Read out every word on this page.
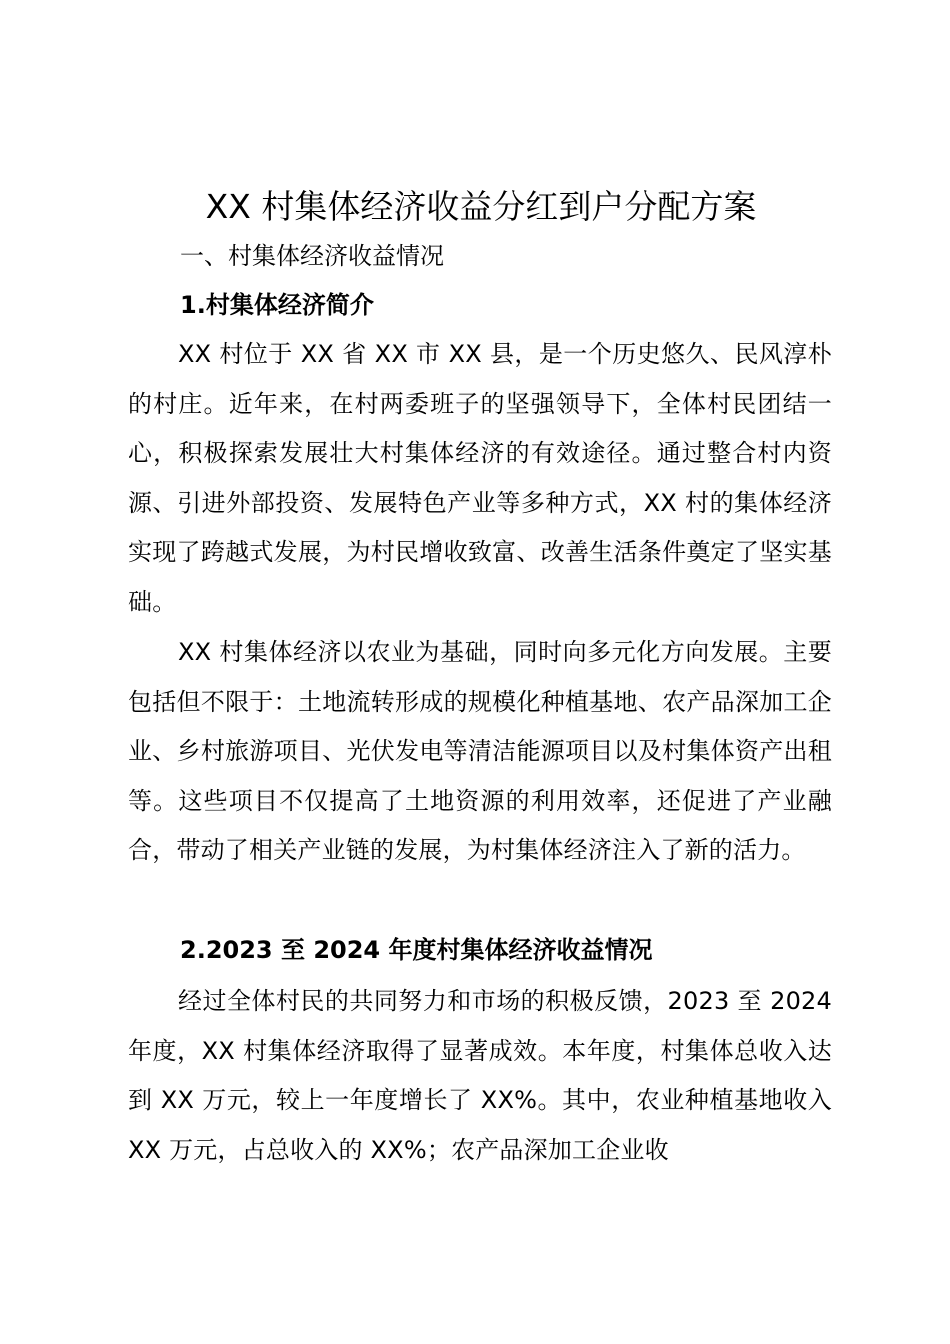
XX 村集体经济收益分红到户分配方案
一、村集体经济收益情况
1.村集体经济简介

XX 村位于 XX 省 XX 市 XX 县，是一个历史悠久、民风淳朴的村庄。近年来，在村两委班子的坚强领导下，全体村民团结一心，积极探索发展壮大村集体经济的有效途径。通过整合村内资源、引进外部投资、发展特色产业等多种方式，XX 村的集体经济实现了跨越式发展，为村民增收致富、改善生活条件奠定了坚实基础。

XX 村集体经济以农业为基础，同时向多元化方向发展。主要包括但不限于：土地流转形成的规模化种植基地、农产品深加工企业、乡村旅游项目、光伏发电等清洁能源项目以及村集体资产出租等。这些项目不仅提高了土地资源的利用效率，还促进了产业融合，带动了相关产业链的发展，为村集体经济注入了新的活力。

2.2023 至 2024 年度村集体经济收益情况

经过全体村民的共同努力和市场的积极反馈，2023 至 2024 年度，XX 村集体经济取得了显著成效。本年度，村集体总收入达到 XX 万元，较上一年度增长了 XX%。其中，农业种植基地收入 XX 万元，占总收入的 XX%；农产品深加工企业收
